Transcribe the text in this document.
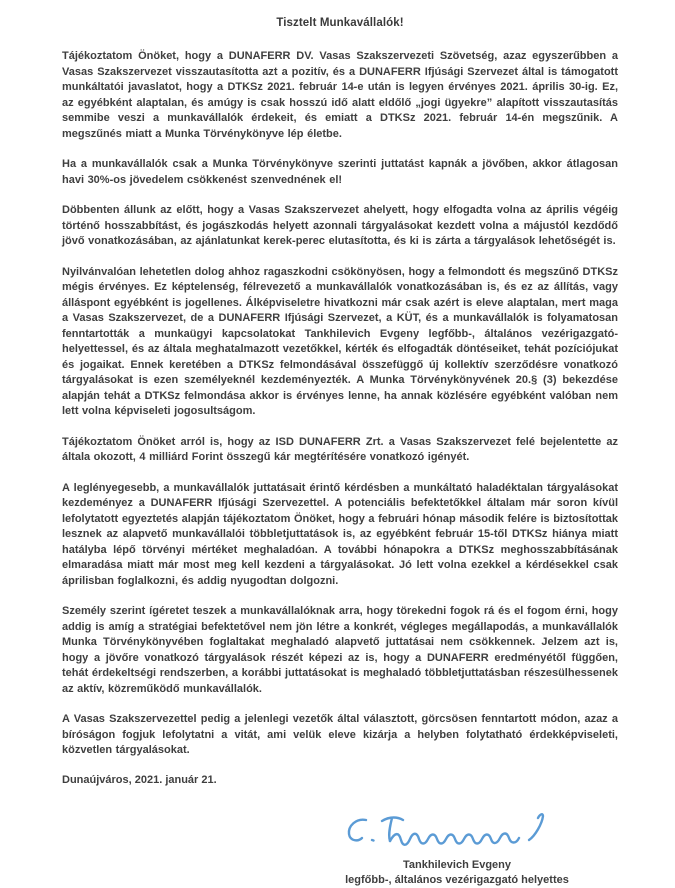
Tisztelt Munkavállalók!

Tájékoztatom Önöket, hogy a DUNAFERR DV. Vasas Szakszervezeti Szövetség, azaz egyszerűbben a Vasas Szakszervezet visszautasította azt a pozitív, és a DUNAFERR Ifjúsági Szervezet által is támogatott munkáltatói javaslatot, hogy a DTKSz 2021. február 14-e után is legyen érvényes 2021. április 30-ig. Ez, az egyébként alaptalan, és amúgy is csak hosszú idő alatt eldőlő „jogi ügyekre” alapított visszautasítás semmibe veszi a munkavállalók érdekeit, és emiatt a DTKSz 2021. február 14-én megszűnik. A megszűnés miatt a Munka Törvénykönyve lép életbe.

Ha a munkavállalók csak a Munka Törvénykönyve szerinti juttatást kapnák a jövőben, akkor átlagosan havi 30%-os jövedelem csökkenést szenvednének el!

Döbbenten állunk az előtt, hogy a Vasas Szakszervezet ahelyett, hogy elfogadta volna az április végéig történő hosszabbítást, és jogászkodás helyett azonnali tárgyalásokat kezdett volna a májustól kezdődő jövő vonatkozásában, az ajánlatunkat kerek-perec elutasította, és ki is zárta a tárgyalások lehetőségét is.

Nyilvánvalóan lehetetlen dolog ahhoz ragaszkodni csökönyösen, hogy a felmondott és megszűnő DTKSz mégis érvényes. Ez képtelenség, félrevezető a munkavállalók vonatkozásában is, és ez az állítás, vagy álláspont egyébként is jogellenes. Álképviseletre hivatkozni már csak azért is eleve alaptalan, mert maga a Vasas Szakszervezet, de a DUNAFERR Ifjúsági Szervezet, a KÜT, és a munkavállalók is folyamatosan fenntartották a munkaügyi kapcsolatokat Tankhilevich Evgeny legfőbb-, általános vezérigazgató-helyettessel, és az általa meghatalmazott vezetőkkel, kérték és elfogadták döntéseiket, tehát pozíciójukat és jogaikat. Ennek keretében a DTKSz felmondásával összefüggő új kollektív szerződésre vonatkozó tárgyalásokat is ezen személyeknél kezdeményezték. A Munka Törvénykönyvének 20.§ (3) bekezdése alapján tehát a DTKSz felmondása akkor is érvényes lenne, ha annak közlésére egyébként valóban nem lett volna képviseleti jogosultságom.

Tájékoztatom Önöket arról is, hogy az ISD DUNAFERR Zrt. a Vasas Szakszervezet felé bejelentette az általa okozott, 4 milliárd Forint összegű kár megtérítésére vonatkozó igényét.

A leglényegesebb, a munkavállalók juttatásait érintő kérdésben a munkáltató haladéktalan tárgyalásokat kezdeményez a DUNAFERR Ifjúsági Szervezettel. A potenciális befektetőkkel általam már soron kívül lefolytatott egyeztetés alapján tájékoztatom Önöket, hogy a februári hónap második felére is biztosítottak lesznek az alapvető munkavállalói többletjuttatások is, az egyébként február 15-től DTKSz hiánya miatt hatályba lépő törvényi mértéket meghaladóan. A további hónapokra a DTKSz meghosszabbításának elmaradása miatt már most meg kell kezdeni a tárgyalásokat. Jó lett volna ezekkel a kérdésekkel csak áprilisban foglalkozni, és addig nyugodtan dolgozni.

Személy szerint ígéretet teszek a munkavállalóknak arra, hogy törekedni fogok rá és el fogom érni, hogy addig is amíg a stratégiai befektetővel nem jön létre a konkrét, végleges megállapodás, a munkavállalók Munka Törvénykönyvében foglaltakat meghaladó alapvető juttatásai nem csökkennek. Jelzem azt is, hogy a jövőre vonatkozó tárgyalások részét képezi az is, hogy a DUNAFERR eredményétől függően, tehát érdekeltségi rendszerben, a korábbi juttatásokat is meghaladó többletjuttatásban részesülhessenek az aktív, közreműködő munkavállalók.

A Vasas Szakszervezettel pedig a jelenlegi vezetők által választott, görcsösen fenntartott módon, azaz a bíróságon fogjuk lefolytatni a vitát, ami velük eleve kizárja a helyben folytatható érdekképviseleti, közvetlen tárgyalásokat.

Dunaújváros, 2021. január 21.

Tankhilevich Evgeny
legfőbb-, általános vezérigazgató helyettes
